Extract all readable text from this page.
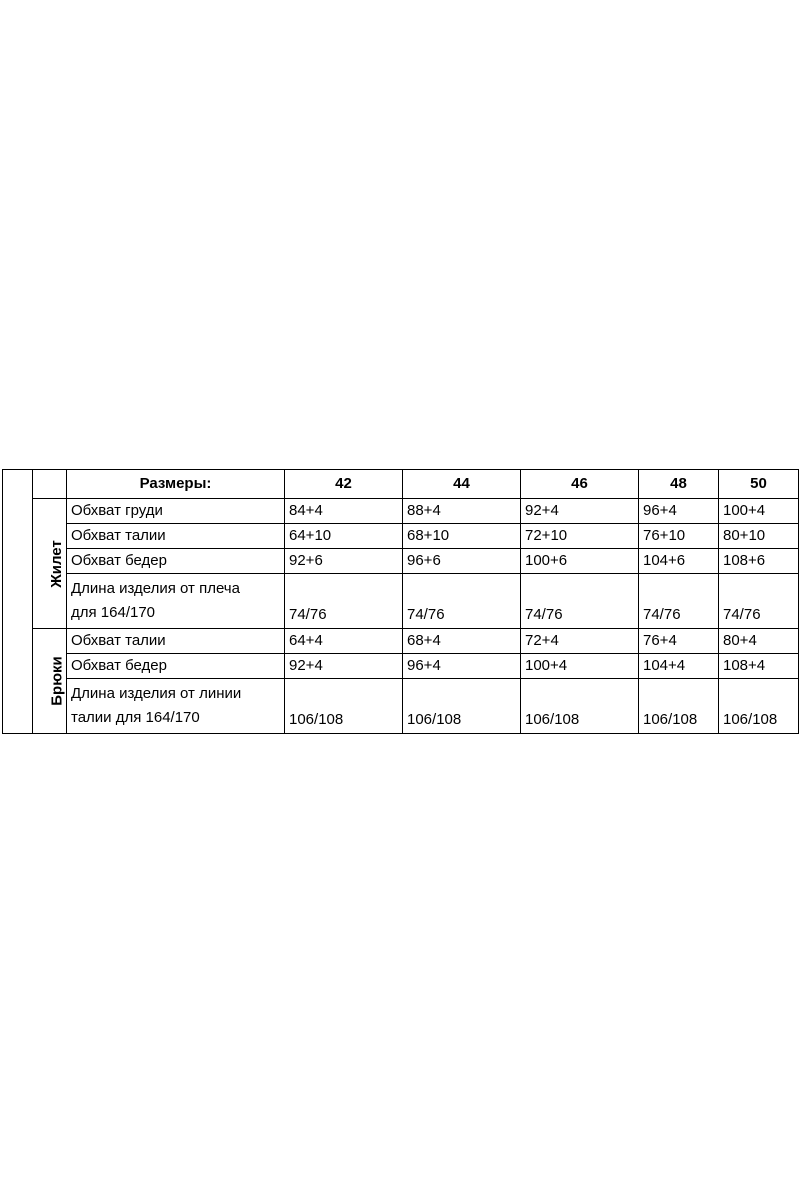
		Размеры:	42	44	46	48	50
	Жилет	Обхват груди	84+4	88+4	92+4	96+4	100+4
		Обхват талии	64+10	68+10	72+10	76+10	80+10
		Обхват бедер	92+6	96+6	100+6	104+6	108+6
		Длина изделия от плеча
для 164/170	74/76	74/76	74/76	74/76	74/76
	Брюки	Обхват талии	64+4	68+4	72+4	76+4	80+4
		Обхват бедер	92+4	96+4	100+4	104+4	108+4
		Длина изделия от линии
талии для 164/170	106/108	106/108	106/108	106/108	106/108
